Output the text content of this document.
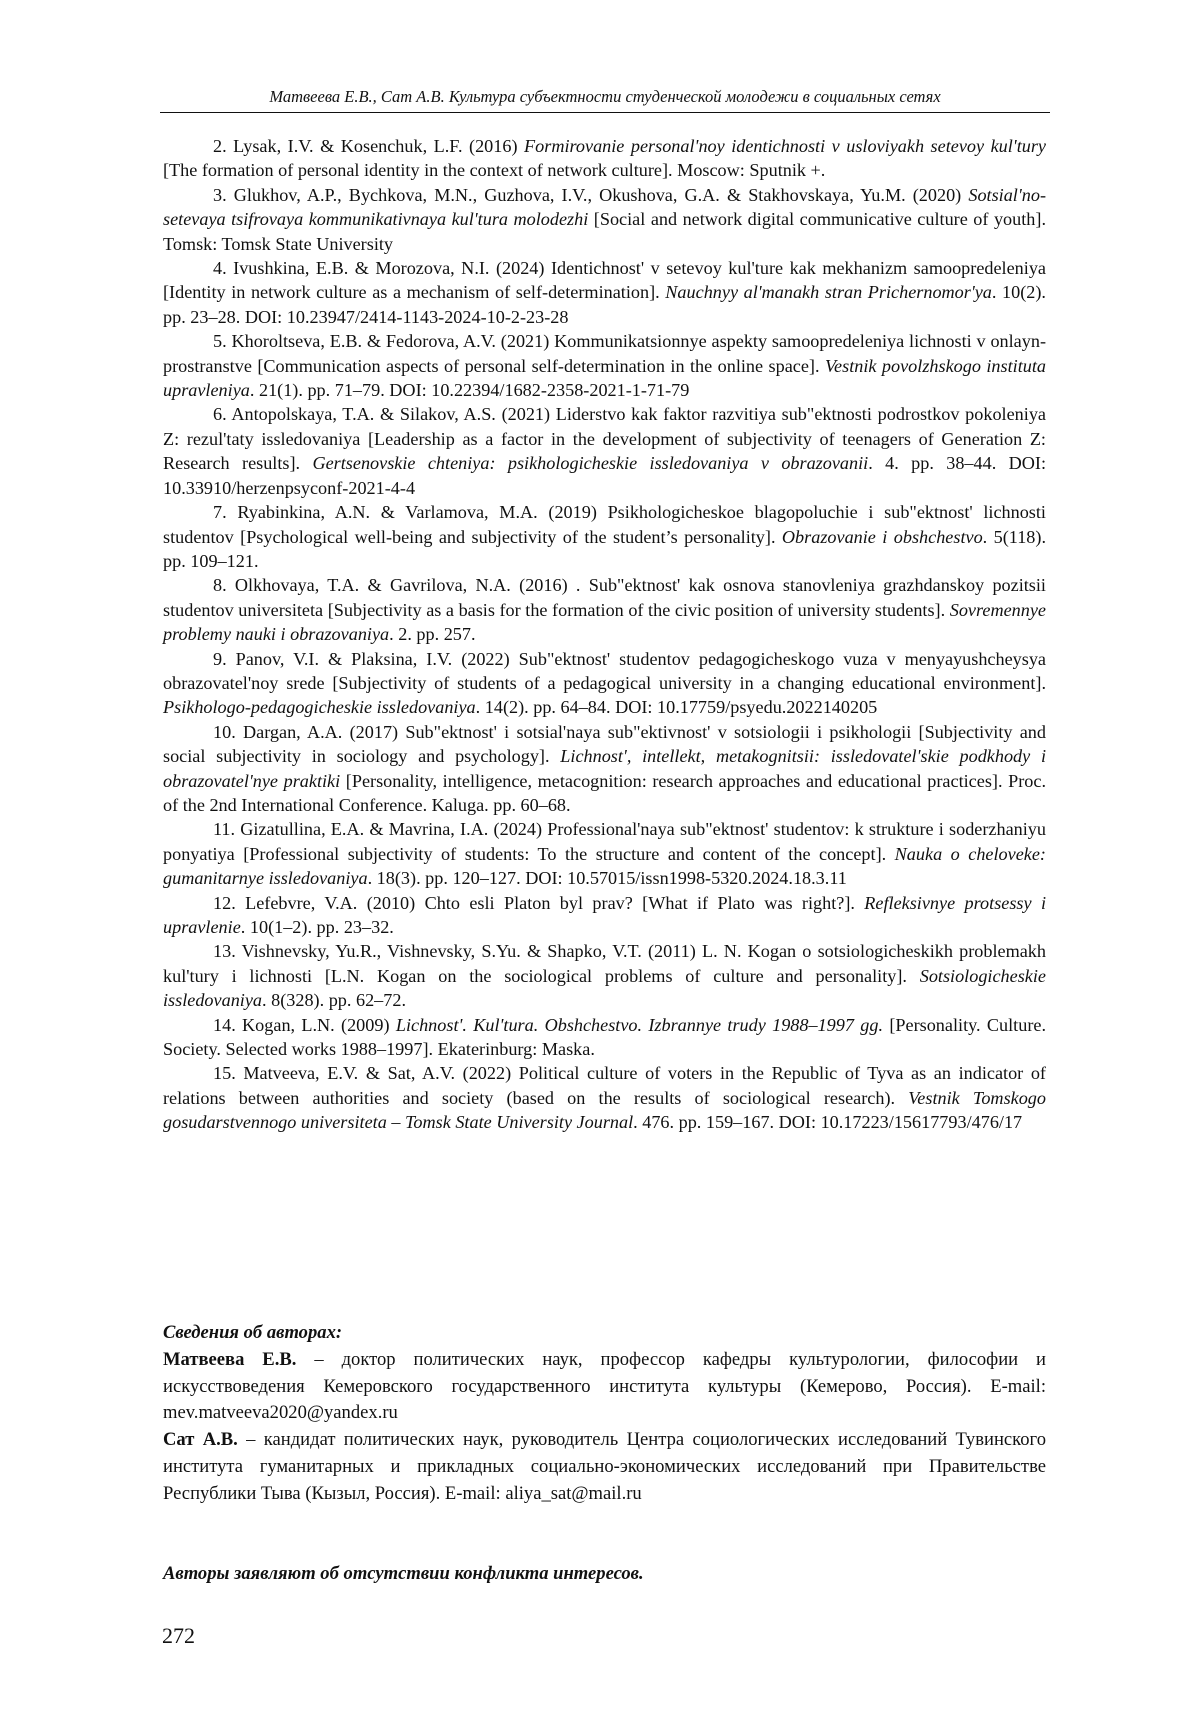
Матвеева Е.В., Сат А.В. Культура субъектности студенческой молодежи в социальных сетях

2. Lysak, I.V. & Kosenchuk, L.F. (2016) Formirovanie personal'noy identichnosti v usloviyakh setevoy kul'tury [The formation of personal identity in the context of network culture]. Moscow: Sputnik +.

3. Glukhov, A.P., Bychkova, M.N., Guzhova, I.V., Okushova, G.A. & Stakhovskaya, Yu.M. (2020) Sotsial'no-setevaya tsifrovaya kommunikativnaya kul'tura molodezhi [Social and network digital communicative culture of youth]. Tomsk: Tomsk State University

4. Ivushkina, E.B. & Morozova, N.I. (2024) Identichnost' v setevoy kul'ture kak mekhanizm samoopredeleniya [Identity in network culture as a mechanism of self-determination]. Nauchnyy al'manakh stran Prichernomor'ya. 10(2). pp. 23–28. DOI: 10.23947/2414-1143-2024-10-2-23-28

5. Khoroltseva, E.B. & Fedorova, A.V. (2021) Kommunikatsionnye aspekty samoopredeleniya lichnosti v onlayn-prostranstve [Communication aspects of personal self-determination in the online space]. Vestnik povolzhskogo instituta upravleniya. 21(1). pp. 71–79. DOI: 10.22394/1682-2358-2021-1-71-79

6. Antopolskaya, T.A. & Silakov, A.S. (2021) Liderstvo kak faktor razvitiya sub"ektnosti podrostkov pokoleniya Z: rezul'taty issledovaniya [Leadership as a factor in the development of subjectivity of teenagers of Generation Z: Research results]. Gertsenovskie chteniya: psikhologicheskie issledovaniya v obrazovanii. 4. pp. 38–44. DOI: 10.33910/herzenpsyconf-2021-4-4

7. Ryabinkina, A.N. & Varlamova, M.A. (2019) Psikhologicheskoe blagopoluchie i sub"ektnost' lichnosti studentov [Psychological well-being and subjectivity of the student’s personality]. Obrazovanie i obshchestvo. 5(118). pp. 109–121.

8. Olkhovaya, T.A. & Gavrilova, N.A. (2016) . Sub"ektnost' kak osnova stanovleniya grazhdanskoy pozitsii studentov universiteta [Subjectivity as a basis for the formation of the civic position of university students]. Sovremennye problemy nauki i obrazovaniya. 2. pp. 257.

9. Panov, V.I. & Plaksina, I.V. (2022) Sub"ektnost' studentov pedagogicheskogo vuza v menyayushcheysya obrazovatel'noy srede [Subjectivity of students of a pedagogical university in a changing educational environment]. Psikhologo-pedagogicheskie issledovaniya. 14(2). pp. 64–84. DOI: 10.17759/psyedu.2022140205

10. Dargan, A.A. (2017) Sub"ektnost' i sotsial'naya sub"ektivnost' v sotsiologii i psikhologii [Subjectivity and social subjectivity in sociology and psychology]. Lichnost', intellekt, metakognitsii: issledovatel'skie podkhody i obrazovatel'nye praktiki [Personality, intelligence, metacognition: research approaches and educational practices]. Proc. of the 2nd International Conference. Kaluga. pp. 60–68.

11. Gizatullina, E.A. & Mavrina, I.A. (2024) Professional'naya sub"ektnost' studentov: k strukture i soderzhaniyu ponyatiya [Professional subjectivity of students: To the structure and content of the concept]. Nauka o cheloveke: gumanitarnye issledovaniya. 18(3). pp. 120–127. DOI: 10.57015/issn1998-5320.2024.18.3.11

12. Lefebvre, V.A. (2010) Chto esli Platon byl prav? [What if Plato was right?]. Refleksivnye protsessy i upravlenie. 10(1–2). pp. 23–32.

13. Vishnevsky, Yu.R., Vishnevsky, S.Yu. & Shapko, V.T. (2011) L. N. Kogan o sotsiologicheskikh problemakh kul'tury i lichnosti [L.N. Kogan on the sociological problems of culture and personality]. Sotsiologicheskie issledovaniya. 8(328). pp. 62–72.

14. Kogan, L.N. (2009) Lichnost'. Kul'tura. Obshchestvo. Izbrannye trudy 1988–1997 gg. [Personality. Culture. Society. Selected works 1988–1997]. Ekaterinburg: Maska.

15. Matveeva, E.V. & Sat, A.V. (2022) Political culture of voters in the Republic of Tyva as an indicator of relations between authorities and society (based on the results of sociological research). Vestnik Tomskogo gosudarstvennogo universiteta – Tomsk State University Journal. 476. pp. 159–167. DOI: 10.17223/15617793/476/17

Сведения об авторах:

Матвеева Е.В. – доктор политических наук, профессор кафедры культурологии, философии и искусствоведения Кемеровского государственного института культуры (Кемерово, Россия). E-mail: mev.matveeva2020@yandex.ru

Сат А.В. – кандидат политических наук, руководитель Центра социологических исследований Тувинского института гуманитарных и прикладных социально-экономических исследований при Правительстве Республики Тыва (Кызыл, Россия). E-mail: aliya_sat@mail.ru

Авторы заявляют об отсутствии конфликта интересов.

272
